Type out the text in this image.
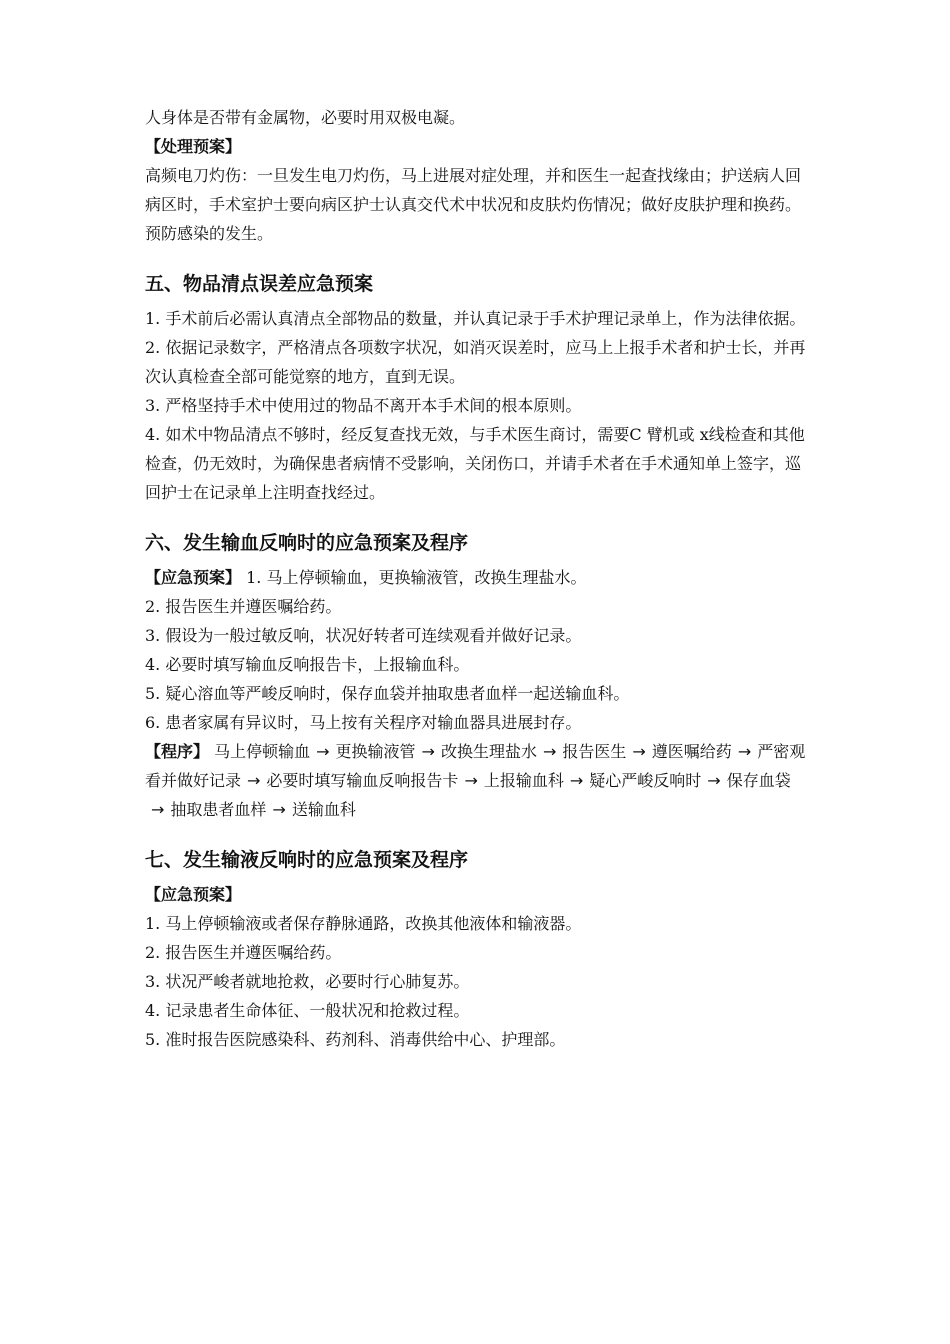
人身体是否带有金属物，必要时用双极电凝。

【处理预案】

高频电刀灼伤：一旦发生电刀灼伤，马上进展对症处理，并和医生一起查找缘由；护送病人回病区时，手术室护士要向病区护士认真交代术中状况和皮肤灼伤情况；做好皮肤护理和换药。预防感染的发生。

五、物品清点误差应急预案

1. 手术前后必需认真清点全部物品的数量，并认真记录于手术护理记录单上，作为法律依据。

2. 依据记录数字，严格清点各项数字状况，如消灭误差时，应马上上报手术者和护士长，并再次认真检查全部可能觉察的地方，直到无误。

3. 严格坚持手术中使用过的物品不离开本手术间的根本原则。

4. 如术中物品清点不够时，经反复查找无效，与手术医生商讨，需要C 臂机或 x线检查和其他检查，仍无效时，为确保患者病情不受影响，关闭伤口，并请手术者在手术通知单上签字，巡回护士在记录单上注明查找经过。

六、发生输血反响时的应急预案及程序

【应急预案】 1. 马上停顿输血，更换输液管，改换生理盐水。

2. 报告医生并遵医嘱给药。

3. 假设为一般过敏反响，状况好转者可连续观看并做好记录。

4. 必要时填写输血反响报告卡，上报输血科。

5. 疑心溶血等严峻反响时，保存血袋并抽取患者血样一起送输血科。

6. 患者家属有异议时，马上按有关程序对输血器具进展封存。

【程序】 马上停顿输血 → 更换输液管 → 改换生理盐水 → 报告医生 → 遵医嘱给药 → 严密观看并做好记录 → 必要时填写输血反响报告卡 → 上报输血科 → 疑心严峻反响时 → 保存血袋→ 抽取患者血样 → 送输血科

七、发生输液反响时的应急预案及程序

【应急预案】

1. 马上停顿输液或者保存静脉通路，改换其他液体和输液器。

2. 报告医生并遵医嘱给药。

3. 状况严峻者就地抢救，必要时行心肺复苏。

4. 记录患者生命体征、一般状况和抢救过程。

5. 准时报告医院感染科、药剂科、消毒供给中心、护理部。
